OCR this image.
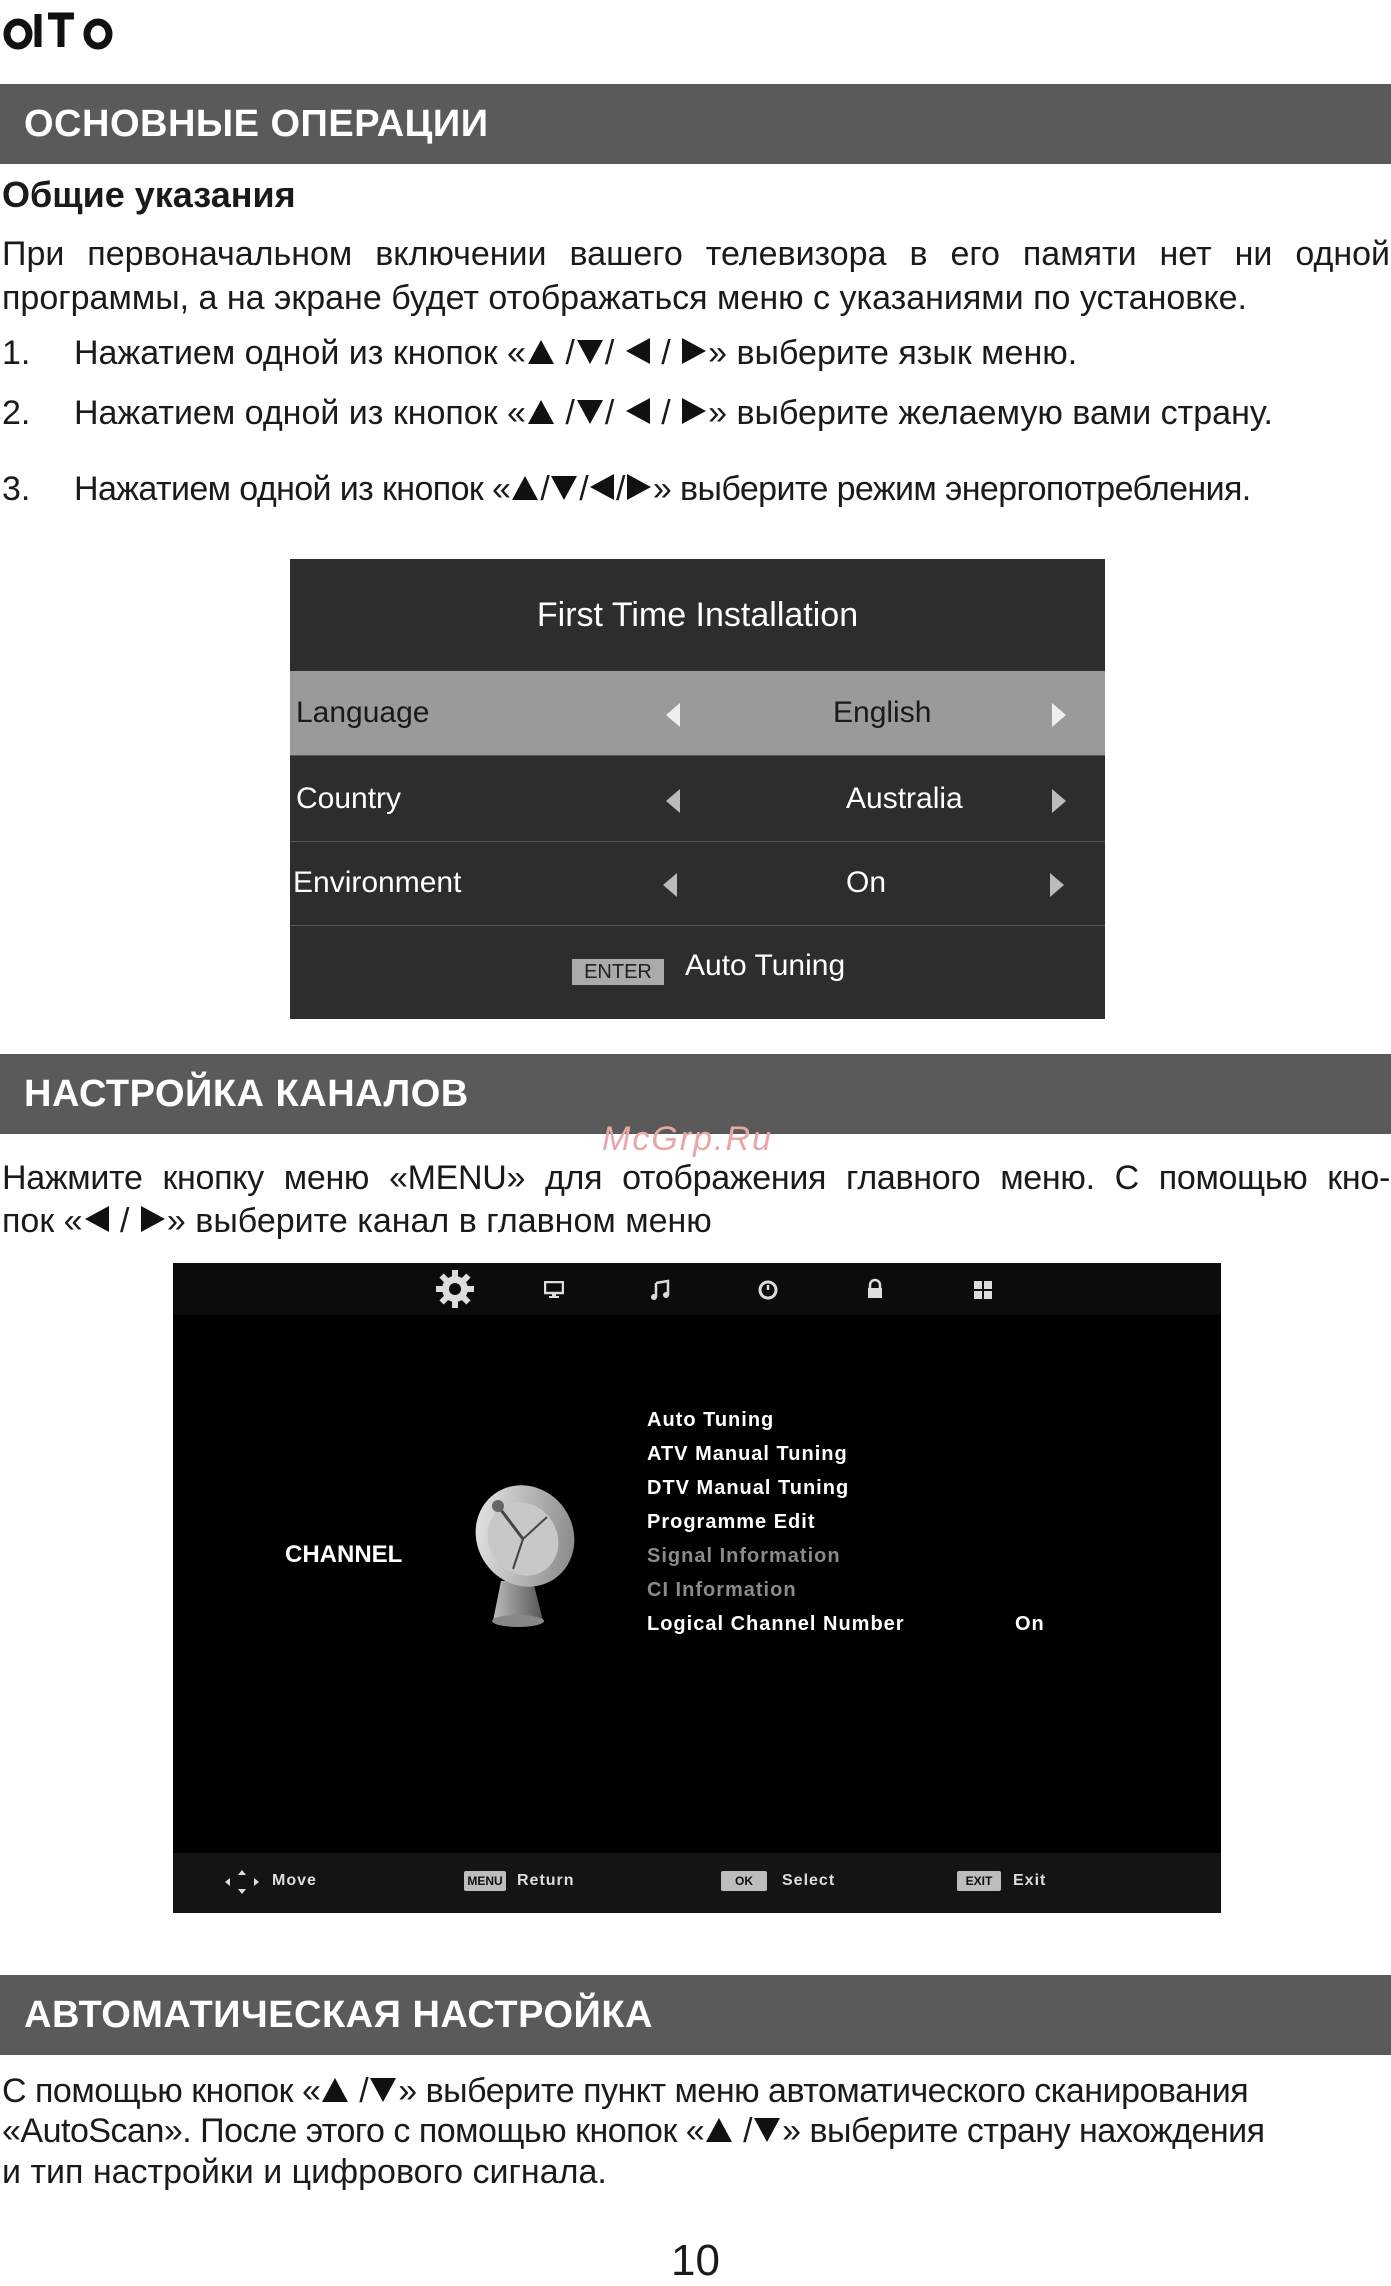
ОСНОВНЫЕ ОПЕРАЦИИ
Общие указания
При первоначальном включении вашего телевизора в его памяти нет ни одной
программы, а на экране будет отображаться меню с указаниями по установке.
1. Нажатием одной из кнопок « / /  / » выберите язык меню.
2. Нажатием одной из кнопок « / /  / » выберите желаемую вами страну.
3. Нажатием одной из кнопок « / / / » выберите режим энергопотребления.
First Time Installation
Language	English
Country	Australia
Environment	On
ENTER	Auto Tuning
НАСТРОЙКА КАНАЛОВ
McGrp.Ru
Нажмите кнопку меню «MENU» для отображения главного меню. С помощью кно-
пок « / » выберите канал в главном меню
CHANNEL
Auto Tuning
ATV Manual Tuning
DTV Manual Tuning
Programme Edit
Signal Information
CI Information
Logical Channel Number	On
Move	MENU Return	OK	Select	EXIT	Exit
АВТОМАТИЧЕСКАЯ НАСТРОЙКА
С помощью кнопок « / » выберите пункт меню автоматического сканирования
«AutoScan». После этого с помощью кнопок « / » выберите страну нахождения
и тип настройки и цифрового сигнала.
10
